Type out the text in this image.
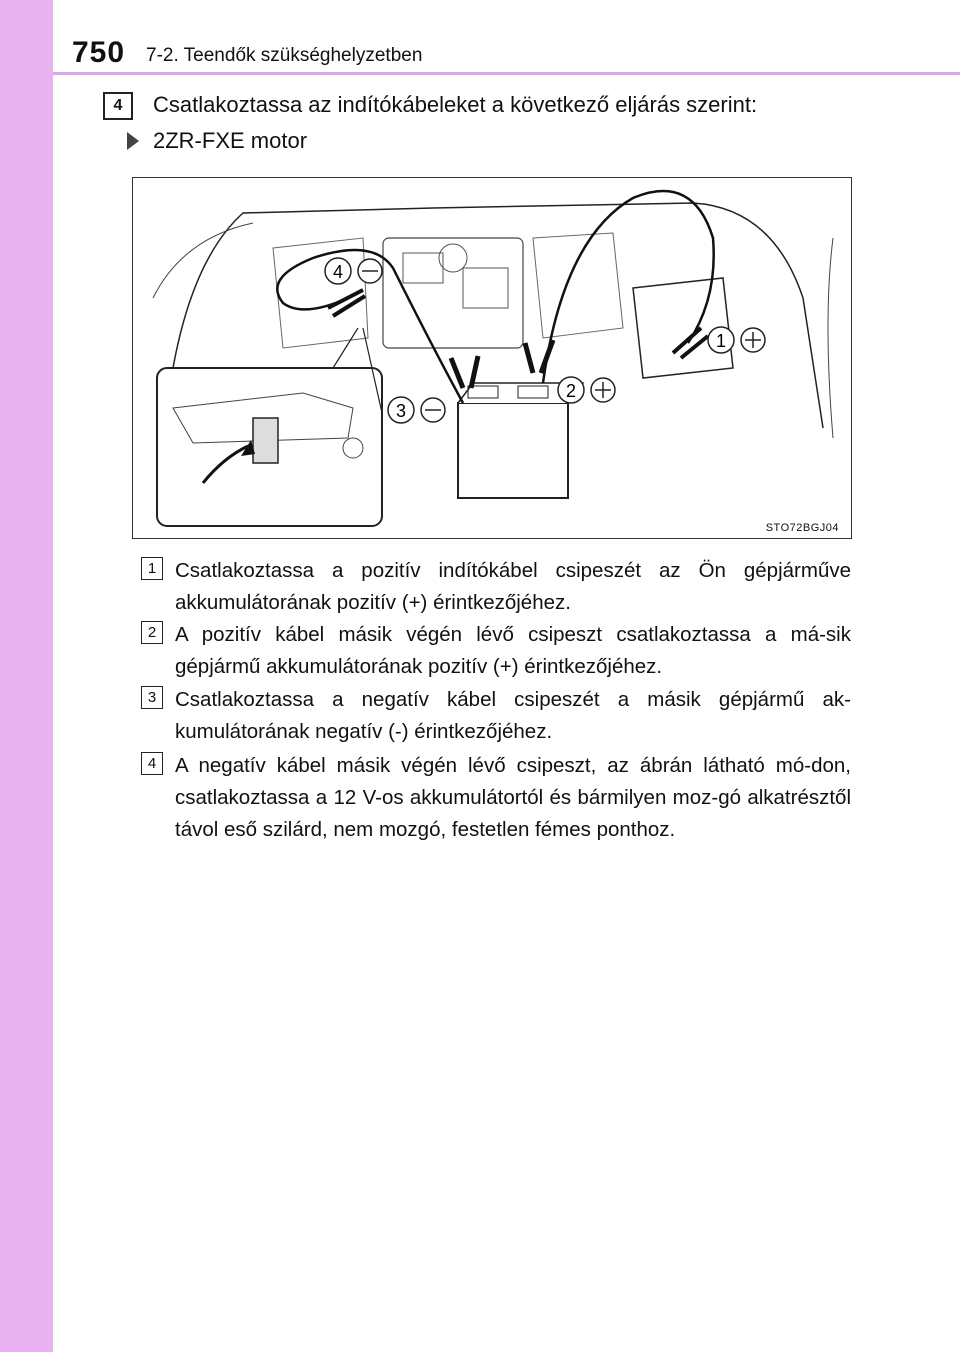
750 7-2. Teendők szükséghelyzetben
4	Csatlakoztassa az indítókábeleket a következő eljárás szerint:
2ZR-FXE motor
4
3
2
1
STO72BGJ04
1 Csatlakoztassa a pozitív indítókábel csipeszét az Ön gépjárműve akkumulátorának pozitív (+) érintkezőjéhez.
2 A pozitív kábel másik végén lévő csipeszt csatlakoztassa a má-sik gépjármű akkumulátorának pozitív (+) érintkezőjéhez.
3 Csatlakoztassa a negatív kábel csipeszét a másik gépjármű ak-kumulátorának negatív (-) érintkezőjéhez.
4 A negatív kábel másik végén lévő csipeszt, az ábrán látható mó-don, csatlakoztassa a 12 V-os akkumulátortól és bármilyen moz-gó alkatrésztől távol eső szilárd, nem mozgó, festetlen fémes ponthoz.
